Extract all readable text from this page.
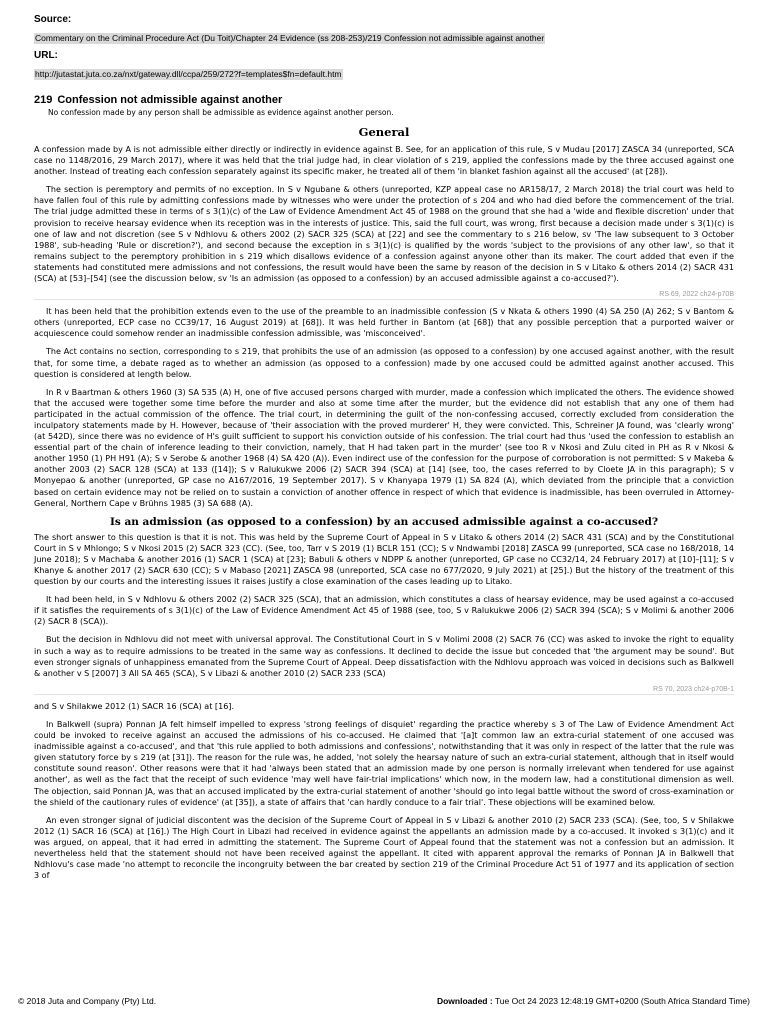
Source:

Commentary on the Criminal Procedure Act (Du Toit)/Chapter 24 Evidence (ss 208-253)/219 Confession not admissible against another

URL:

http://jutastat.juta.co.za/nxt/gateway.dll/ccpa/259/272?f=templates$fn=default.htm
219 Confession not admissible against another
No confession made by any person shall be admissible as evidence against another person.
General

A confession made by A is not admissible either directly or indirectly in evidence against B. See, for an application of this rule, S v Mudau [2017] ZASCA 34 (unreported, SCA case no 1148/2016, 29 March 2017), where it was held that the trial judge had, in clear violation of s 219, applied the confessions made by the three accused against one another. Instead of treating each confession separately against its specific maker, he treated all of them 'in blanket fashion against all the accused' (at [28]).

The section is peremptory and permits of no exception. In S v Ngubane & others (unreported, KZP appeal case no AR158/17, 2 March 2018) the trial court was held to have fallen foul of this rule by admitting confessions made by witnesses who were under the protection of s 204 and who had died before the commencement of the trial. The trial judge admitted these in terms of s 3(1)(c) of the Law of Evidence Amendment Act 45 of 1988 on the ground that she had a 'wide and flexible discretion' under that provision to receive hearsay evidence when its reception was in the interests of justice. This, said the full court, was wrong, first because a decision made under s 3(1)(c) is one of law and not discretion (see S v Ndhlovu & others 2002 (2) SACR 325 (SCA) at [22] and see the commentary to s 216 below, sv 'The law subsequent to 3 October 1988', sub-heading 'Rule or discretion?'), and second because the exception in s 3(1)(c) is qualified by the words 'subject to the provisions of any other law', so that it remains subject to the peremptory prohibition in s 219 which disallows evidence of a confession against anyone other than its maker. The court added that even if the statements had constituted mere admissions and not confessions, the result would have been the same by reason of the decision in S v Litako & others 2014 (2) SACR 431 (SCA) at [53]–[54] (see the discussion below, sv 'Is an admission (as opposed to a confession) by an accused admissible against a co-accused?').

RS 69, 2022 ch24-p70B

It has been held that the prohibition extends even to the use of the preamble to an inadmissible confession (S v Nkata & others 1990 (4) SA 250 (A) 262; S v Bantom & others (unreported, ECP case no CC39/17, 16 August 2019) at [68]). It was held further in Bantom (at [68]) that any possible perception that a purported waiver or acquiescence could somehow render an inadmissible confession admissible, was 'misconceived'.

The Act contains no section, corresponding to s 219, that prohibits the use of an admission (as opposed to a confession) by one accused against another, with the result that, for some time, a debate raged as to whether an admission (as opposed to a confession) made by one accused could be admitted against another accused. This question is considered at length below.

In R v Baartman & others 1960 (3) SA 535 (A) H, one of five accused persons charged with murder, made a confession which implicated the others. The evidence showed that the accused were together some time before the murder and also at some time after the murder, but the evidence did not establish that any one of them had participated in the actual commission of the offence. The trial court, in determining the guilt of the non-confessing accused, correctly excluded from consideration the inculpatory statements made by H. However, because of 'their association with the proved murderer' H, they were convicted. This, Schreiner JA found, was 'clearly wrong' (at 542D), since there was no evidence of H's guilt sufficient to support his conviction outside of his confession. The trial court had thus 'used the confession to establish an essential part of the chain of inference leading to their conviction, namely, that H had taken part in the murder' (see too R v Nkosi and Zulu cited in PH as R v Nkosi & another 1950 (1) PH H91 (A); S v Serobe & another 1968 (4) SA 420 (A)). Even indirect use of the confession for the purpose of corroboration is not permitted: S v Makeba & another 2003 (2) SACR 128 (SCA) at 133 ([14]); S v Ralukukwe 2006 (2) SACR 394 (SCA) at [14] (see, too, the cases referred to by Cloete JA in this paragraph); S v Monyepao & another (unreported, GP case no A167/2016, 19 September 2017). S v Khanyapa 1979 (1) SA 824 (A), which deviated from the principle that a conviction based on certain evidence may not be relied on to sustain a conviction of another offence in respect of which that evidence is inadmissible, has been overruled in Attorney-General, Northern Cape v Brühns 1985 (3) SA 688 (A).

Is an admission (as opposed to a confession) by an accused admissible against a co-accused?

The short answer to this question is that it is not. This was held by the Supreme Court of Appeal in S v Litako & others 2014 (2) SACR 431 (SCA) and by the Constitutional Court in S v Mhlongo; S v Nkosi 2015 (2) SACR 323 (CC). (See, too, Tarr v S 2019 (1) BCLR 151 (CC); S v Nndwambi [2018] ZASCA 99 (unreported, SCA case no 168/2018, 14 June 2018); S v Machaba & another 2016 (1) SACR 1 (SCA) at [23]; Babuli & others v NDPP & another (unreported, GP case no CC32/14, 24 February 2017) at [10]–[11]; S v Khanye & another 2017 (2) SACR 630 (CC); S v Mabaso [2021] ZASCA 98 (unreported, SCA case no 677/2020, 9 July 2021) at [25].) But the history of the treatment of this question by our courts and the interesting issues it raises justify a close examination of the cases leading up to Litako.

It had been held, in S v Ndhlovu & others 2002 (2) SACR 325 (SCA), that an admission, which constitutes a class of hearsay evidence, may be used against a co-accused if it satisfies the requirements of s 3(1)(c) of the Law of Evidence Amendment Act 45 of 1988 (see, too, S v Ralukukwe 2006 (2) SACR 394 (SCA); S v Molimi & another 2006 (2) SACR 8 (SCA)).

But the decision in Ndhlovu did not meet with universal approval. The Constitutional Court in S v Molimi 2008 (2) SACR 76 (CC) was asked to invoke the right to equality in such a way as to require admissions to be treated in the same way as confessions. It declined to decide the issue but conceded that 'the argument may be sound'. But even stronger signals of unhappiness emanated from the Supreme Court of Appeal. Deep dissatisfaction with the Ndhlovu approach was voiced in decisions such as Balkwell & another v S [2007] 3 All SA 465 (SCA), S v Libazi & another 2010 (2) SACR 233 (SCA)

RS 70, 2023 ch24-p70B-1

and S v Shilakwe 2012 (1) SACR 16 (SCA) at [16].

In Balkwell (supra) Ponnan JA felt himself impelled to express 'strong feelings of disquiet' regarding the practice whereby s 3 of The Law of Evidence Amendment Act could be invoked to receive against an accused the admissions of his co-accused. He claimed that '[a]t common law an extra-curial statement of one accused was inadmissible against a co-accused', and that 'this rule applied to both admissions and confessions', notwithstanding that it was only in respect of the latter that the rule was given statutory force by s 219 (at [31]). The reason for the rule was, he added, 'not solely the hearsay nature of such an extra-curial statement, although that in itself would constitute sound reason'. Other reasons were that it had 'always been stated that an admission made by one person is normally irrelevant when tendered for use against another', as well as the fact that the receipt of such evidence 'may well have fair-trial implications' which now, in the modern law, had a constitutional dimension as well. The objection, said Ponnan JA, was that an accused implicated by the extra-curial statement of another 'should go into legal battle without the sword of cross-examination or the shield of the cautionary rules of evidence' (at [35]), a state of affairs that 'can hardly conduce to a fair trial'. These objections will be examined below.

An even stronger signal of judicial discontent was the decision of the Supreme Court of Appeal in S v Libazi & another 2010 (2) SACR 233 (SCA). (See, too, S v Shilakwe 2012 (1) SACR 16 (SCA) at [16].) The High Court in Libazi had received in evidence against the appellants an admission made by a co-accused. It invoked s 3(1)(c) and it was argued, on appeal, that it had erred in admitting the statement. The Supreme Court of Appeal found that the statement was not a confession but an admission. It nevertheless held that the statement should not have been received against the appellant. It cited with apparent approval the remarks of Ponnan JA in Balkwell that Ndhlovu's case made 'no attempt to reconcile the incongruity between the bar created by section 219 of the Criminal Procedure Act 51 of 1977 and its application of section 3 of

© 2018 Juta and Company (Pty) Ltd.	Downloaded : Tue Oct 24 2023 12:48:19 GMT+0200 (South Africa Standard Time)
